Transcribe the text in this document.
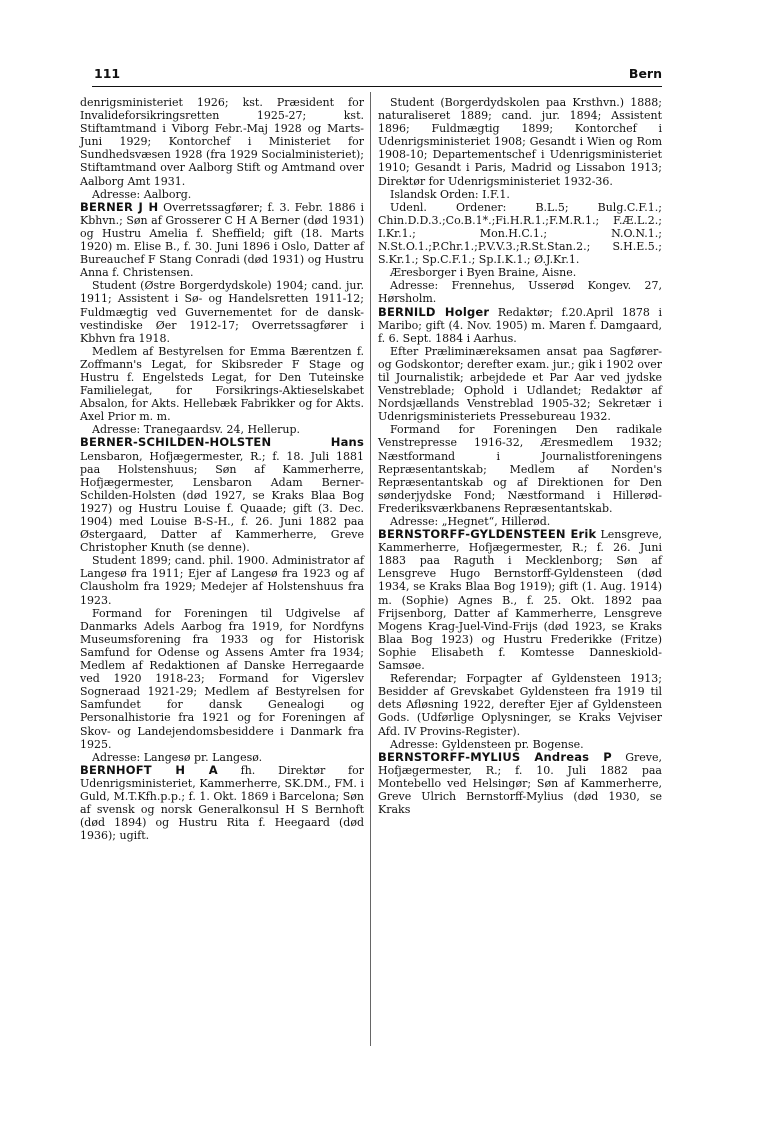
111	Bern

denrigsministeriet 1926; kst. Præsident for Invalideforsikringsretten 1925-27; kst. Stiftamtmand i Viborg Febr.-Maj 1928 og Marts-Juni 1929; Kontorchef i Ministeriet for Sundhedsvæsen 1928 (fra 1929 Socialministeriet); Stiftamtmand over Aalborg Stift og Amtmand over Aalborg Amt 1931.

Adresse: Aalborg.

BERNER J H Overretssagfører; f. 3. Febr. 1886 i Kbhvn.; Søn af Grosserer C H A Berner (død 1931) og Hustru Amelia f. Sheffield; gift (18. Marts 1920) m. Elise B., f. 30. Juni 1896 i Oslo, Datter af Bureauchef F Stang Conradi (død 1931) og Hustru Anna f. Christensen.

Student (Østre Borgerdydskole) 1904; cand. jur. 1911; Assistent i Sø- og Handelsretten 1911-12; Fuldmægtig ved Guvernementet for de dansk-vestindiske Øer 1912-17; Overretssagfører i Kbhvn fra 1918.

Medlem af Bestyrelsen for Emma Bærentzen f. Zoffmann's Legat, for Skibsreder F Stage og Hustru f. Engelsteds Legat, for Den Tuteinske Familielegat, for Forsikrings-Aktieselskabet Absalon, for Akts. Hellebæk Fabrikker og for Akts. Axel Prior m. m.

Adresse: Tranegaardsv. 24, Hellerup.

BERNER-SCHILDEN-HOLSTEN Hans Lensbaron, Hofjægermester, R.; f. 18. Juli 1881 paa Holstenshuus; Søn af Kammerherre, Hofjægermester, Lensbaron Adam Berner-Schilden-Holsten (død 1927, se Kraks Blaa Bog 1927) og Hustru Louise f. Quaade; gift (3. Dec. 1904) med Louise B-S-H., f. 26. Juni 1882 paa Østergaard, Datter af Kammerherre, Greve Christopher Knuth (se denne).

Student 1899; cand. phil. 1900. Administrator af Langesø fra 1911; Ejer af Langesø fra 1923 og af Clausholm fra 1929; Medejer af Holstenshuus fra 1923.

Formand for Foreningen til Udgivelse af Danmarks Adels Aarbog fra 1919, for Nordfyns Museumsforening fra 1933 og for Historisk Samfund for Odense og Assens Amter fra 1934; Medlem af Redaktionen af Danske Herregaarde ved 1920 1918-23; Formand for Vigerslev Sogneraad 1921-29; Medlem af Bestyrelsen for Samfundet for dansk Genealogi og Personalhistorie fra 1921 og for Foreningen af Skov- og Landejendomsbesiddere i Danmark fra 1925.

Adresse: Langesø pr. Langesø.

BERNHOFT H A fh. Direktør for Udenrigsministeriet, Kammerherre, SK.DM., FM. i Guld, M.T.Kfh.p.p.; f. 1. Okt. 1869 i Barcelona; Søn af svensk og norsk Generalkonsul H S Bernhoft (død 1894) og Hustru Rita f. Heegaard (død 1936); ugift.

Student (Borgerdydskolen paa Krsthvn.) 1888; naturaliseret 1889; cand. jur. 1894; Assistent 1896; Fuldmægtig 1899; Kontorchef i Udenrigsministeriet 1908; Gesandt i Wien og Rom 1908-10; Departementschef i Udenrigsministeriet 1910; Gesandt i Paris, Madrid og Lissabon 1913; Direktør for Udenrigsministeriet 1932-36.

Islandsk Orden: I.F.1.

Udenl. Ordener: B.L.5; Bulg.C.F.1.; Chin.D.D.3.;Co.B.1*.;Fi.H.R.1.;F.M.R.1.; F.Æ.L.2.; I.Kr.1.; Mon.H.C.1.; N.O.N.1.; N.St.O.1.;P.Chr.1.;P.V.V.3.;R.St.Stan.2.; S.H.E.5.; S.Kr.1.; Sp.C.F.1.; Sp.I.K.1.; Ø.J.Kr.1.

Æresborger i Byen Braine, Aisne.

Adresse: Frennehus, Usserød Kongev. 27, Hørsholm.

BERNILD Holger Redaktør; f.20.April 1878 i Maribo; gift (4. Nov. 1905) m. Maren f. Damgaard, f. 6. Sept. 1884 i Aarhus.

Efter Præliminæreksamen ansat paa Sagfører- og Godskontor; derefter exam. jur.; gik i 1902 over til Journalistik; arbejdede et Par Aar ved jydske Venstreblade; Ophold i Udlandet; Redaktør af Nordsjællands Venstreblad 1905-32; Sekretær i Udenrigsministeriets Pressebureau 1932.

Formand for Foreningen Den radikale Venstrepresse 1916-32, Æresmedlem 1932; Næstformand i Journalistforeningens Repræsentantskab; Medlem af Norden's Repræsentantskab og af Direktionen for Den sønderjydske Fond; Næstformand i Hillerød-Frederiksværkbanens Repræsentantskab.

Adresse: „Hegnet“, Hillerød.

BERNSTORFF-GYLDENSTEEN Erik Lensgreve, Kammerherre, Hofjægermester, R.; f. 26. Juni 1883 paa Raguth i Mecklenborg; Søn af Lensgreve Hugo Bernstorff-Gyldensteen (død 1934, se Kraks Blaa Bog 1919); gift (1. Aug. 1914) m. (Sophie) Agnes B., f. 25. Okt. 1892 paa Frijsenborg, Datter af Kammerherre, Lensgreve Mogens Krag-Juel-Vind-Frijs (død 1923, se Kraks Blaa Bog 1923) og Hustru Frederikke (Fritze) Sophie Elisabeth f. Komtesse Danneskiold-Samsøe.

Referendar; Forpagter af Gyldensteen 1913; Besidder af Grevskabet Gyldensteen fra 1919 til dets Afløsning 1922, derefter Ejer af Gyldensteen Gods. (Udførlige Oplysninger, se Kraks Vejviser Afd. IV Provins-Register).

Adresse: Gyldensteen pr. Bogense.

BERNSTORFF-MYLIUS Andreas P Greve, Hofjægermester, R.; f. 10. Juli 1882 paa Montebello ved Helsingør; Søn af Kammerherre, Greve Ulrich Bernstorff-Mylius (død 1930, se Kraks
